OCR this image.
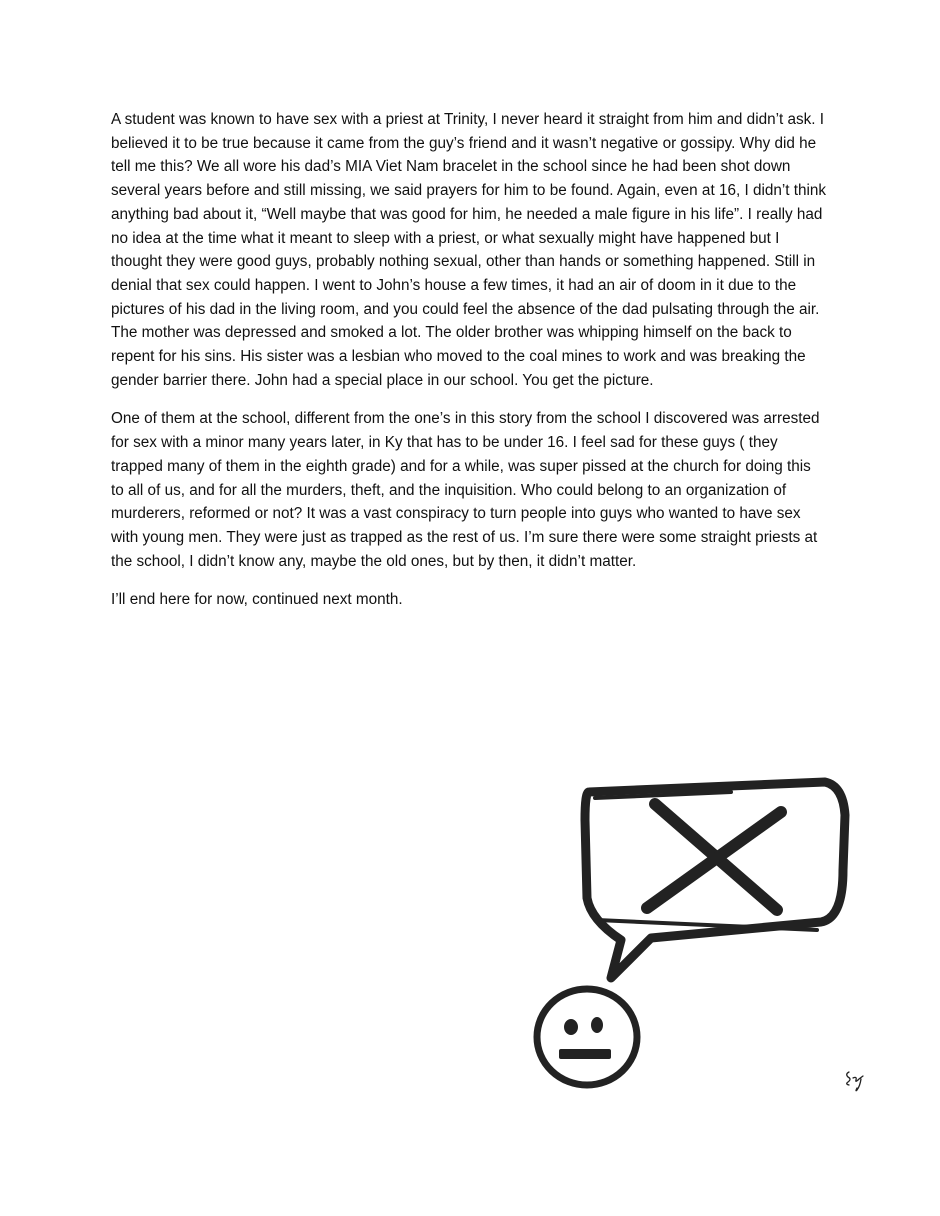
A student was known to have sex with a priest at Trinity, I never heard it straight from him and didn’t ask. I believed it to be true because it came from the guy’s friend and it wasn’t negative or gossipy. Why did he tell me this? We all wore his dad’s MIA Viet Nam bracelet in the school since he had been shot down several years before and still missing, we said prayers for him to be found. Again, even at 16, I didn’t think anything bad about it, “Well maybe that was good for him, he needed a male figure in his life”. I really had no idea at the time what it meant to sleep with a priest, or what sexually might have happened but I thought they were good guys, probably nothing sexual, other than hands or something happened. Still in denial that sex could happen. I went to John’s house a few times, it had an air of doom in it due to the pictures of his dad in the living room, and you could feel the absence of the dad pulsating through the air. The mother was depressed and smoked a lot. The older brother was whipping himself on the back to repent for his sins. His sister was a lesbian who moved to the coal mines to work and was breaking the gender barrier there. John had a special place in our school. You get the picture.

One of them at the school, different from the one’s in this story from the school I discovered was arrested for sex with a minor many years later, in Ky that has to be under 16. I feel sad for these guys ( they trapped many of them in the eighth grade) and for a while, was super pissed at the church for doing this to all of us, and for all the murders, theft, and the inquisition. Who could belong to an organization of murderers, reformed or not? It was a vast conspiracy to turn people into guys who wanted to have sex with young men. They were just as trapped as the rest of us. I’m sure there were some straight priests at the school, I didn’t know any, maybe the old ones, but by then, it didn’t matter.

I’ll end here for now, continued next month.
